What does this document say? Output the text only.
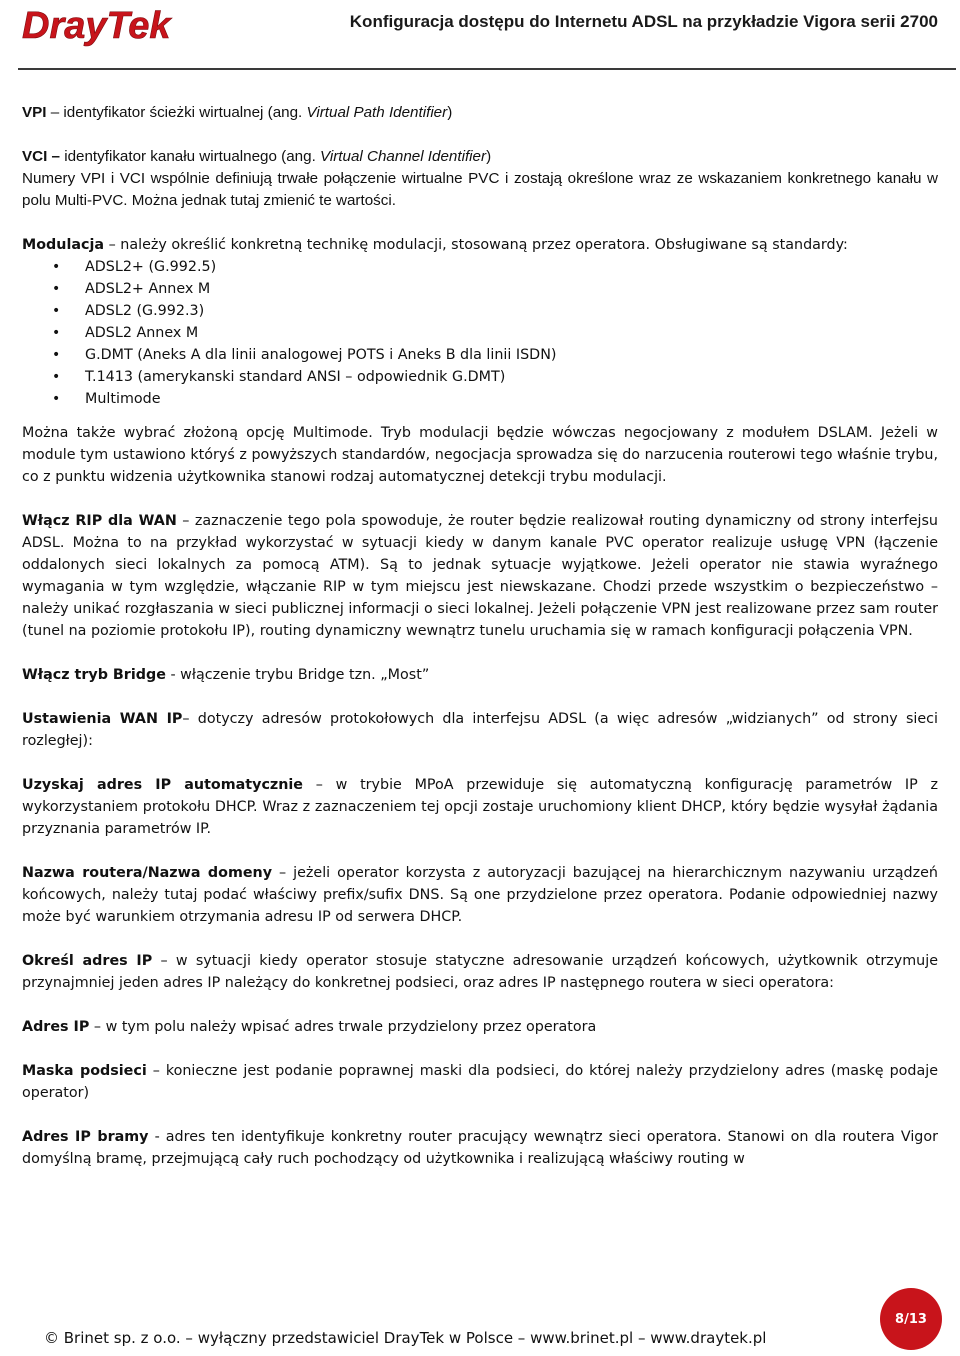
DrayTek	Konfiguracja dostępu do Internetu ADSL na przykładzie Vigora serii 2700

VPI – identyfikator ścieżki wirtualnej (ang. Virtual Path Identifier)

VCI – identyfikator kanału wirtualnego (ang. Virtual Channel Identifier)
Numery VPI i VCI wspólnie definiują trwałe połączenie wirtualne PVC i zostają określone wraz ze wskazaniem konkretnego kanału w polu Multi-PVC. Można jednak tutaj zmienić te wartości.

Modulacja – należy określić konkretną technikę modulacji, stosowaną przez operatora. Obsługiwane są standardy:

• ADSL2+ (G.992.5)
• ADSL2+ Annex M
• ADSL2 (G.992.3)
• ADSL2 Annex M
• G.DMT (Aneks A dla linii analogowej POTS i Aneks B dla linii ISDN)
• T.1413 (amerykanski standard ANSI – odpowiednik G.DMT)
• Multimode

Można także wybrać złożoną opcję Multimode. Tryb modulacji będzie wówczas negocjowany z modułem DSLAM. Jeżeli w module tym ustawiono któryś z powyższych standardów, negocjacja sprowadza się do narzucenia routerowi tego właśnie trybu, co z punktu widzenia użytkownika stanowi rodzaj automatycznej detekcji trybu modulacji.

Włącz RIP dla WAN – zaznaczenie tego pola spowoduje, że router będzie realizował routing dynamiczny od strony interfejsu ADSL. Można to na przykład wykorzystać w sytuacji kiedy w danym kanale PVC operator realizuje usługę VPN (łączenie oddalonych sieci lokalnych za pomocą ATM). Są to jednak sytuacje wyjątkowe. Jeżeli operator nie stawia wyraźnego wymagania w tym względzie, włączanie RIP w tym miejscu jest niewskazane. Chodzi przede wszystkim o bezpieczeństwo – należy unikać rozgłaszania w sieci publicznej informacji o sieci lokalnej. Jeżeli połączenie VPN jest realizowane przez sam router (tunel na poziomie protokołu IP), routing dynamiczny wewnątrz tunelu uruchamia się w ramach konfiguracji połączenia VPN.

Włącz tryb Bridge - włączenie trybu Bridge tzn. „Most”

Ustawienia WAN IP– dotyczy adresów protokołowych dla interfejsu ADSL (a więc adresów „widzianych” od strony sieci rozległej):

Uzyskaj adres IP automatycznie – w trybie MPoA przewiduje się automatyczną konfigurację parametrów IP z wykorzystaniem protokołu DHCP. Wraz z zaznaczeniem tej opcji zostaje uruchomiony klient DHCP, który będzie wysyłał żądania przyznania parametrów IP.

Nazwa routera/Nazwa domeny – jeżeli operator korzysta z autoryzacji bazującej na hierarchicznym nazywaniu urządzeń końcowych, należy tutaj podać właściwy prefix/sufix DNS. Są one przydzielone przez operatora. Podanie odpowiedniej nazwy może być warunkiem otrzymania adresu IP od serwera DHCP.

Określ adres IP – w sytuacji kiedy operator stosuje statyczne adresowanie urządzeń końcowych, użytkownik otrzymuje przynajmniej jeden adres IP należący do konkretnej podsieci, oraz adres IP następnego routera w sieci operatora:

Adres IP – w tym polu należy wpisać adres trwale przydzielony przez operatora

Maska podsieci – konieczne jest podanie poprawnej maski dla podsieci, do której należy przydzielony adres (maskę podaje operator)

Adres IP bramy - adres ten identyfikuje konkretny router pracujący wewnątrz sieci operatora. Stanowi on dla routera Vigor domyślną bramę, przejmującą cały ruch pochodzący od użytkownika i realizującą właściwy routing w

8/13
© Brinet sp. z o.o. – wyłączny przedstawiciel DrayTek w Polsce – www.brinet.pl – www.draytek.pl
